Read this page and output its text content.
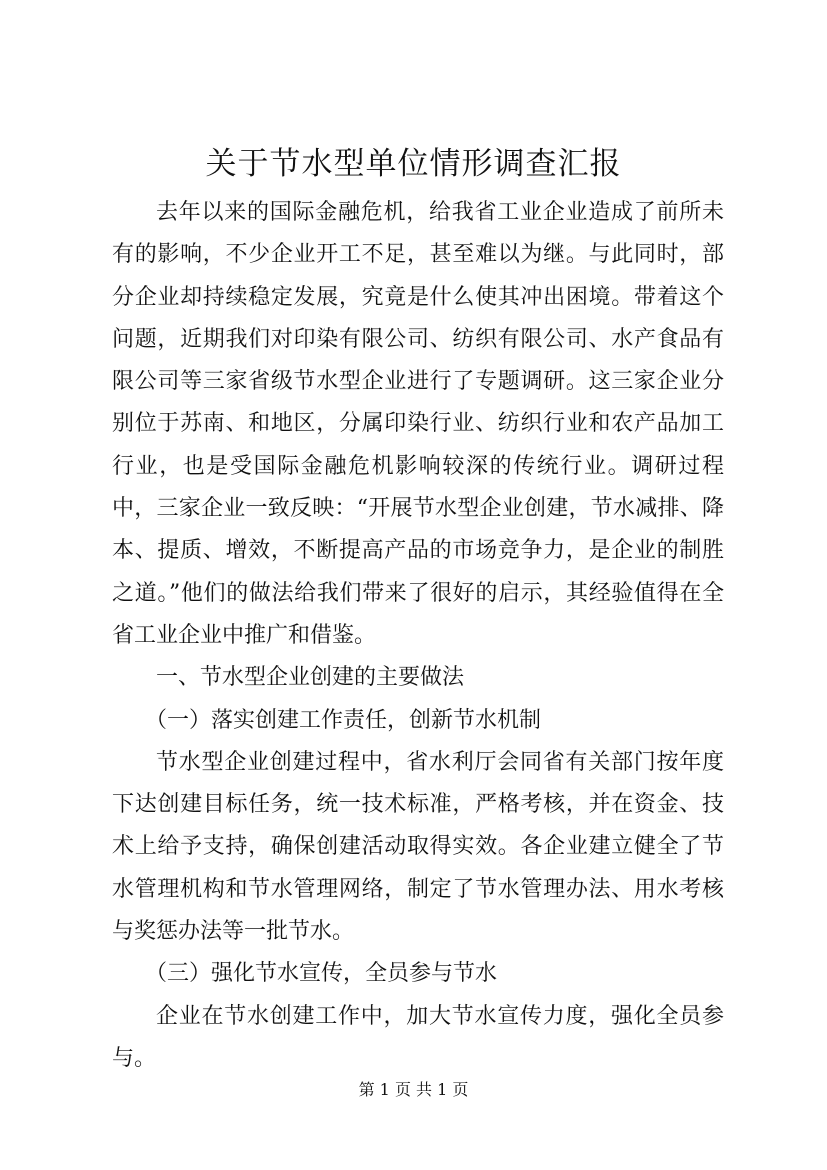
关于节水型单位情形调查汇报

去年以来的国际金融危机，给我省工业企业造成了前所未有的影响，不少企业开工不足，甚至难以为继。与此同时，部分企业却持续稳定发展，究竟是什么使其冲出困境。带着这个问题，近期我们对印染有限公司、纺织有限公司、水产食品有限公司等三家省级节水型企业进行了专题调研。这三家企业分别位于苏南、和地区，分属印染行业、纺织行业和农产品加工行业，也是受国际金融危机影响较深的传统行业。调研过程中，三家企业一致反映：“开展节水型企业创建，节水减排、降本、提质、增效，不断提高产品的市场竞争力，是企业的制胜之道。”他们的做法给我们带来了很好的启示，其经验值得在全省工业企业中推广和借鉴。

一、节水型企业创建的主要做法

（一）落实创建工作责任，创新节水机制

节水型企业创建过程中，省水利厅会同省有关部门按年度下达创建目标任务，统一技术标准，严格考核，并在资金、技术上给予支持，确保创建活动取得实效。各企业建立健全了节水管理机构和节水管理网络，制定了节水管理办法、用水考核与奖惩办法等一批节水。

（三）强化节水宣传，全员参与节水

企业在节水创建工作中，加大节水宣传力度，强化全员参与。

第 1 页 共 1 页
